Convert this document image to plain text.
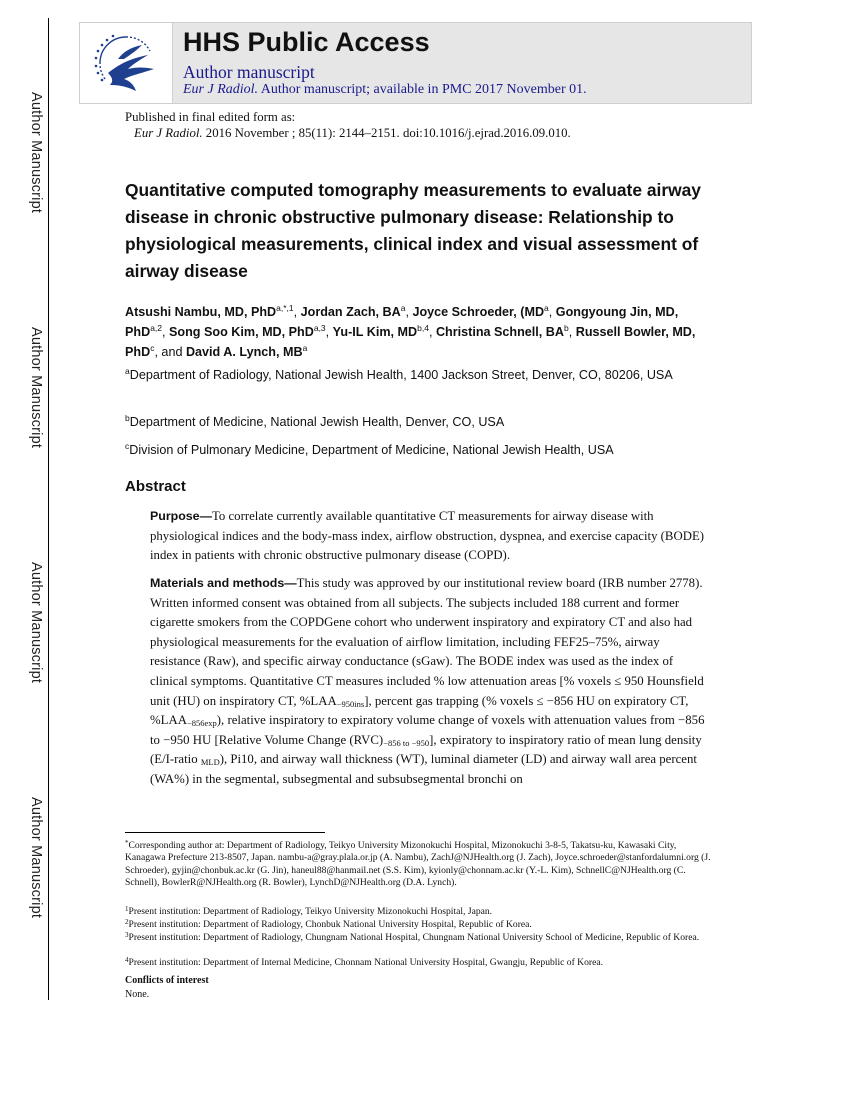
Author Manuscript
Author Manuscript
Author Manuscript
Author Manuscript
HHS Public Access
Author manuscript
Eur J Radiol. Author manuscript; available in PMC 2017 November 01.
Published in final edited form as:
Eur J Radiol. 2016 November ; 85(11): 2144–2151. doi:10.1016/j.ejrad.2016.09.010.
Quantitative computed tomography measurements to evaluate airway disease in chronic obstructive pulmonary disease: Relationship to physiological measurements, clinical index and visual assessment of airway disease
Atsushi Nambu, MD, PhD$^{a,*,1}$, Jordan Zach, $BA^a$, Joyce Schroeder, ($MD^a$, Gongyoung Jin, MD, PhD$^{a,2}$, Song Soo Kim, MD, PhD$^{a,3}$, Yu-IL Kim, MD$^{b,4}$, Christina Schnell, $BA^b$, Russell Bowler, MD, PhD$^c$, and David A. Lynch, $MB^a$
$^a$Department of Radiology, National Jewish Health, 1400 Jackson Street, Denver, CO, 80206, USA
$^b$Department of Medicine, National Jewish Health, Denver, CO, USA
$^c$Division of Pulmonary Medicine, Department of Medicine, National Jewish Health, USA
Abstract
Purpose—To correlate currently available quantitative CT measurements for airway disease with physiological indices and the body-mass index, airflow obstruction, dyspnea, and exercise capacity (BODE) index in patients with chronic obstructive pulmonary disease (COPD).
Materials and methods—This study was approved by our institutional review board (IRB number 2778). Written informed consent was obtained from all subjects. The subjects included 188 current and former cigarette smokers from the COPDGene cohort who underwent inspiratory and expiratory CT and also had physiological measurements for the evaluation of airflow limitation, including FEF25–75%, airway resistance (Raw), and specific airway conductance (sGaw). The BODE index was used as the index of clinical symptoms. Quantitative CT measures included % low attenuation areas [% voxels ≤ 950 Hounsfield unit (HU) on inspiratory CT, $\%LAA_{-950ins}$], percent gas trapping (% voxels ≤ −856 HU on expiratory CT, $\%LAA_{-856exp}$), relative inspiratory to expiratory volume change of voxels with attenuation values from −856 to −950 HU [Relative Volume Change $(RVC)_{-856 to -950}$], expiratory to inspiratory ratio of mean lung density (E/I-ratio $_{MLD}$), Pi10, and airway wall thickness (WT), luminal diameter (LD) and airway wall area percent (WA%) in the segmental, subsegmental and subsubsegmental bronchi on
*Corresponding author at: Department of Radiology, Teikyo University Mizonokuchi Hospital, Mizonokuchi 3-8-5, Takatsu-ku, Kawasaki City, Kanagawa Prefecture 213-8507, Japan. nambu-a@gray.plala.or.jp (A. Nambu), ZachJ@NJHealth.org (J. Zach), Joyce.schroeder@stanfordalumni.org (J. Schroeder), gyjin@chonbuk.ac.kr (G. Jin), haneul88@hanmail.net (S.S. Kim), kyionly@chonnam.ac.kr (Y.-L. Kim), SchnellC@NJHealth.org (C. Schnell), BowlerR@NJHealth.org (R. Bowler), LynchD@NJHealth.org (D.A. Lynch).
$^1$Present institution: Department of Radiology, Teikyo University Mizonokuchi Hospital, Japan.
$^2$Present institution: Department of Radiology, Chonbuk National University Hospital, Republic of Korea.
$^3$Present institution: Department of Radiology, Chungnam National Hospital, Chungnam National University School of Medicine, Republic of Korea.
$^4$Present institution: Department of Internal Medicine, Chonnam National University Hospital, Gwangju, Republic of Korea.
Conflicts of interest
None.
